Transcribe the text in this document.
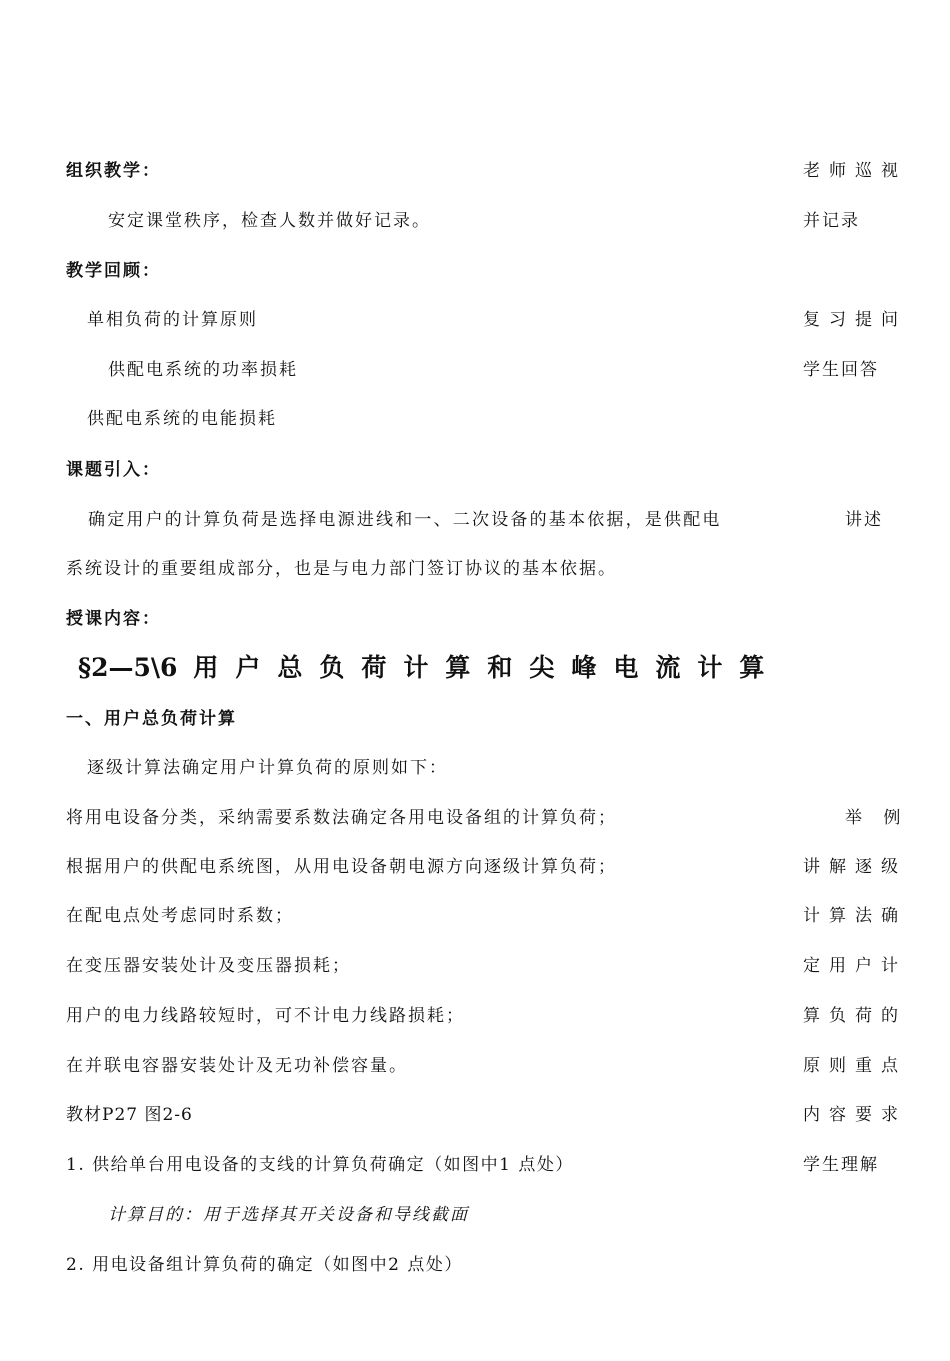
组织教学：
安定课堂秩序，检查人数并做好记录。
教学回顾：
单相负荷的计算原则
供配电系统的功率损耗
供配电系统的电能损耗
课题引入：
确定用户的计算负荷是选择电源进线和一、二次设备的基本依据，是供配电
系统设计的重要组成部分，也是与电力部门签订协议的基本依据。
授课内容：
§2—5\6 用户总负荷计算和尖峰电流计算
一、用户总负荷计算
逐级计算法确定用户计算负荷的原则如下：
将用电设备分类，采纳需要系数法确定各用电设备组的计算负荷；
根据用户的供配电系统图，从用电设备朝电源方向逐级计算负荷；
在配电点处考虑同时系数；
在变压器安装处计及变压器损耗；
用户的电力线路较短时，可不计电力线路损耗；
在并联电容器安装处计及无功补偿容量。
教材P27 图2-6
1. 供给单台用电设备的支线的计算负荷确定（如图中1 点处）
计算目的：用于选择其开关设备和导线截面
2. 用电设备组计算负荷的确定（如图中2 点处）
老师巡视
并记录
复习提问
学生回答
讲述
举 例
讲解逐级
计算法确
定用户计
算负荷的
原则重点
内容要求
学生理解
